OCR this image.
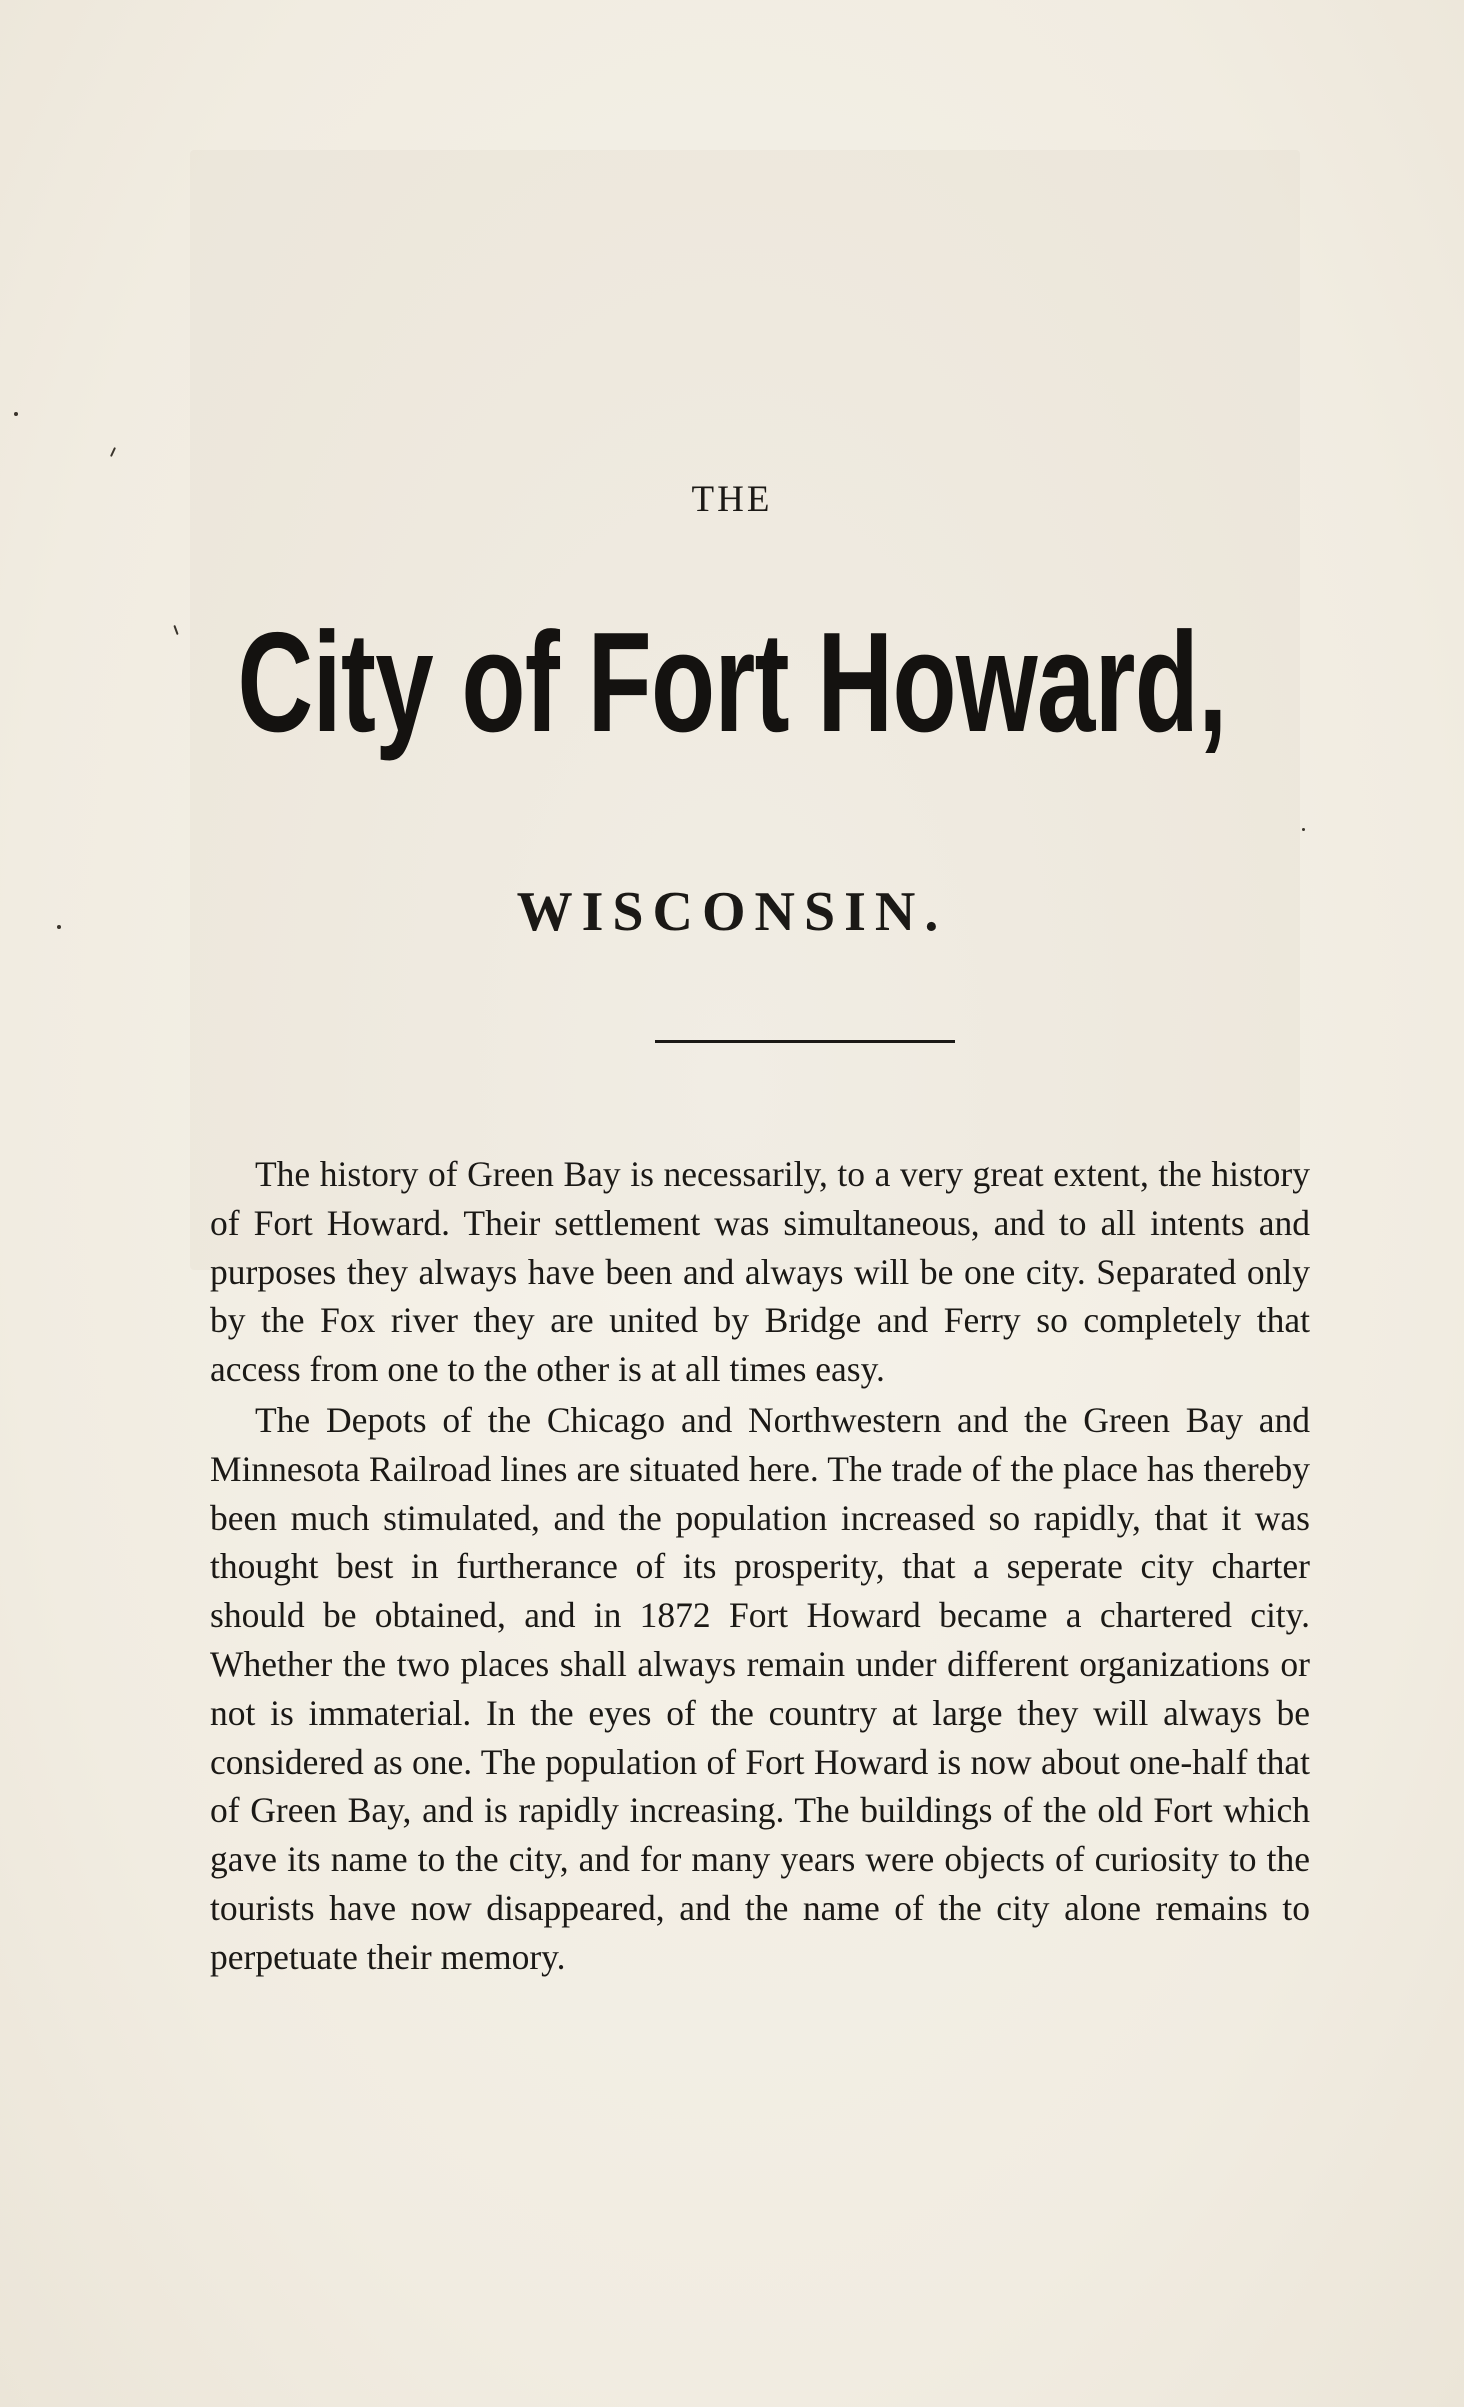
THE
City of Fort Howard,
WISCONSIN.

The history of Green Bay is necessarily, to a very great extent, the history of Fort Howard. Their settlement was simultaneous, and to all intents and purposes they always have been and always will be one city. Separated only by the Fox river they are united by Bridge and Ferry so completely that access from one to the other is at all times easy.

The Depots of the Chicago and Northwestern and the Green Bay and Minnesota Railroad lines are situated here. The trade of the place has thereby been much stimulated, and the population increased so rapidly, that it was thought best in furtherance of its prosperity, that a seperate city charter should be obtained, and in 1872 Fort Howard became a chartered city. Whether the two places shall always remain under different organizations or not is immaterial. In the eyes of the country at large they will always be considered as one. The population of Fort Howard is now about one-half that of Green Bay, and is rapidly increasing. The buildings of the old Fort which gave its name to the city, and for many years were objects of curiosity to the tourists have now disappeared, and the name of the city alone remains to perpetuate their memory.
